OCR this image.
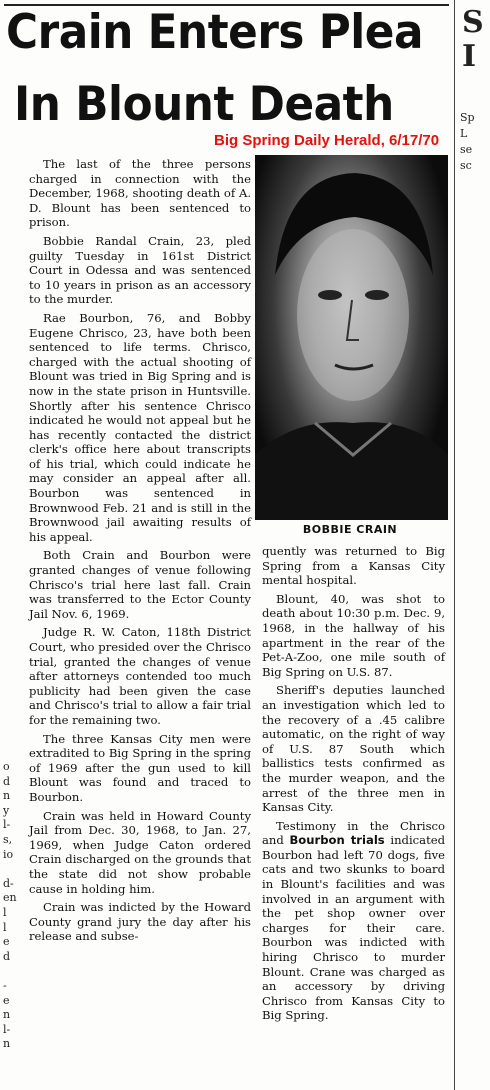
Crain Enters Plea
In Blount Death
Big Spring Daily Herald, 6/17/70
BOBBIE CRAIN

The last of the three persons charged in connection with the December, 1968, shooting death of A. D. Blount has been sentenced to prison.

Bobbie Randal Crain, 23, pled guilty Tuesday in 161st District Court in Odessa and was sentenced to 10 years in prison as an accessory to the murder.

Rae Bourbon, 76, and Bobby Eugene Chrisco, 23, have both been sentenced to life terms. Chrisco, charged with the actual shooting of Blount was tried in Big Spring and is now in the state prison in Huntsville. Shortly after his sentence Chrisco indicated he would not appeal but he has recently contacted the district clerk's office here about transcripts of his trial, which could indicate he may consider an appeal after all. Bourbon was sentenced in Brownwood Feb. 21 and is still in the Brownwood jail awaiting results of his appeal.

Both Crain and Bourbon were granted changes of venue following Chrisco's trial here last fall. Crain was transferred to the Ector County Jail Nov. 6, 1969.

Judge R. W. Caton, 118th District Court, who presided over the Chrisco trial, granted the changes of venue after attorneys contended too much publicity had been given the case and Chrisco's trial to allow a fair trial for the remaining two.

The three Kansas City men were extradited to Big Spring in the spring of 1969 after the gun used to kill Blount was found and traced to Bourbon.

Crain was held in Howard County Jail from Dec. 30, 1968, to Jan. 27, 1969, when Judge Caton ordered Crain discharged on the grounds that the state did not show probable cause in holding him.

Crain was indicted by the Howard County grand jury the day after his release and subse-

quently was returned to Big Spring from a Kansas City mental hospital.

Blount, 40, was shot to death about 10:30 p.m. Dec. 9, 1968, in the hallway of his apartment in the rear of the Pet-A-Zoo, one mile south of Big Spring on U.S. 87.

Sheriff's deputies launched an investigation which led to the recovery of a .45 calibre automatic, on the right of way of U.S. 87 South which ballistics tests confirmed as the murder weapon, and the arrest of the three men in Kansas City.

Testimony in the Chrisco and Bourbon trials indicated Bourbon had left 70 dogs, five cats and two skunks to board in Blount's facilities and was involved in an argument with the pet shop owner over charges for their care. Bourbon was indicted with hiring Chrisco to murder Blount. Crane was charged as an accessory by driving Chrisco from Kansas City to Big Spring.

S
I
Sp
L
se
sc
o
d
n
y
l-
s,
io

d-
en
l
l
e
d

-
e
n
l-
n
